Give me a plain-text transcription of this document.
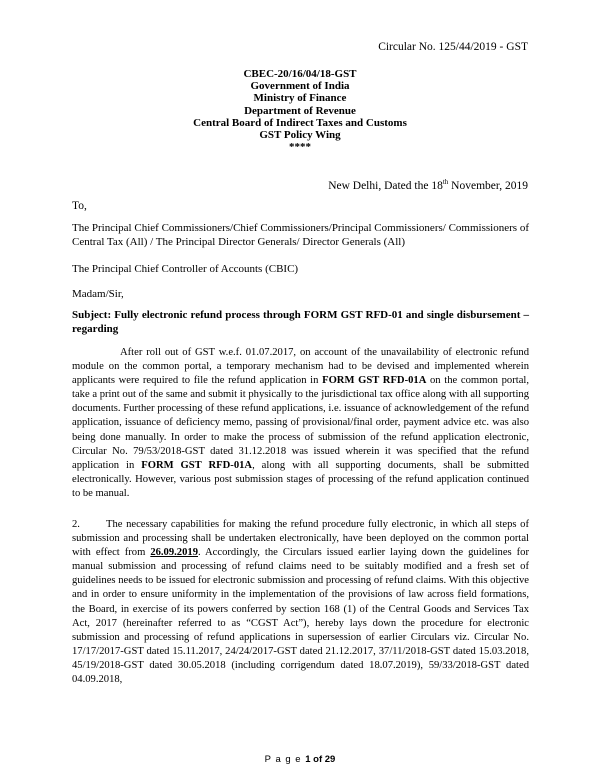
Circular No. 125/44/2019 - GST
CBEC-20/16/04/18-GST
Government of India
Ministry of Finance
Department of Revenue
Central Board of Indirect Taxes and Customs
GST Policy Wing
****
New Delhi, Dated the 18th November, 2019
To,
The Principal Chief Commissioners/Chief Commissioners/Principal Commissioners/ Commissioners of Central Tax (All) / The Principal Director Generals/ Director Generals (All)
The Principal Chief Controller of Accounts (CBIC)
Madam/Sir,
Subject: Fully electronic refund process through FORM GST RFD-01 and single disbursement – regarding
After roll out of GST w.e.f. 01.07.2017, on account of the unavailability of electronic refund module on the common portal, a temporary mechanism had to be devised and implemented wherein applicants were required to file the refund application in FORM GST RFD-01A on the common portal, take a print out of the same and submit it physically to the jurisdictional tax office along with all supporting documents. Further processing of these refund applications, i.e. issuance of acknowledgement of the refund application, issuance of deficiency memo, passing of provisional/final order, payment advice etc. was also being done manually. In order to make the process of submission of the refund application electronic, Circular No. 79/53/2018-GST dated 31.12.2018 was issued wherein it was specified that the refund application in FORM GST RFD-01A, along with all supporting documents, shall be submitted electronically. However, various post submission stages of processing of the refund application continued to be manual.
2. The necessary capabilities for making the refund procedure fully electronic, in which all steps of submission and processing shall be undertaken electronically, have been deployed on the common portal with effect from 26.09.2019. Accordingly, the Circulars issued earlier laying down the guidelines for manual submission and processing of refund claims need to be suitably modified and a fresh set of guidelines needs to be issued for electronic submission and processing of refund claims. With this objective and in order to ensure uniformity in the implementation of the provisions of law across field formations, the Board, in exercise of its powers conferred by section 168 (1) of the Central Goods and Services Tax Act, 2017 (hereinafter referred to as “CGST Act”), hereby lays down the procedure for electronic submission and processing of refund applications in supersession of earlier Circulars viz. Circular No. 17/17/2017-GST dated 15.11.2017, 24/24/2017-GST dated 21.12.2017, 37/11/2018-GST dated 15.03.2018, 45/19/2018-GST dated 30.05.2018 (including corrigendum dated 18.07.2019), 59/33/2018-GST dated 04.09.2018,
P a g e 1 of 29
